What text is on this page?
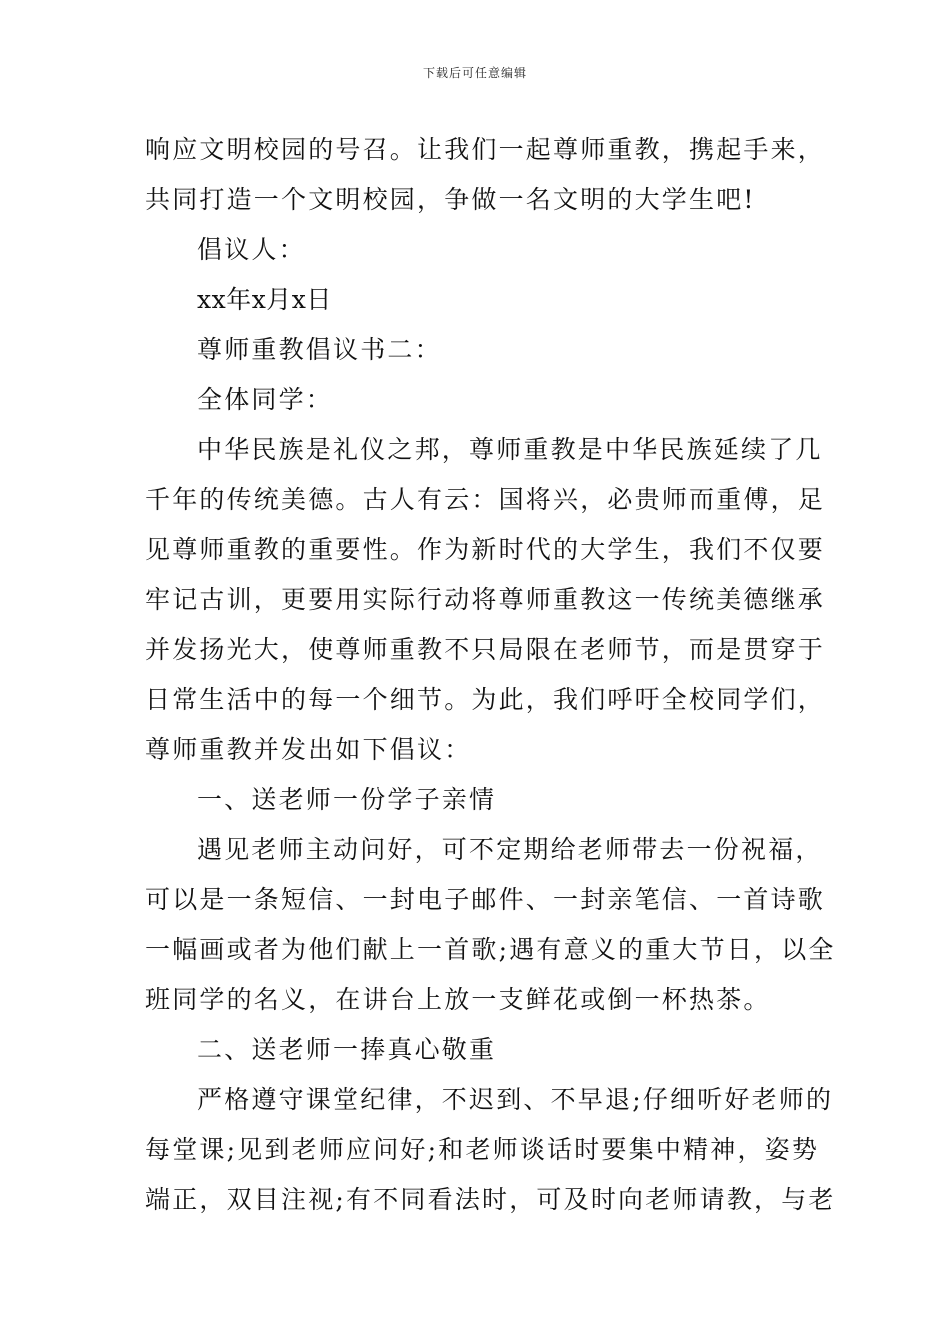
下载后可任意编辑
响应文明校园的号召。让我们一起尊师重教，携起手来，
共同打造一个文明校园，争做一名文明的大学生吧!
倡议人：
xx年x月x日
尊师重教倡议书二：
全体同学：
中华民族是礼仪之邦，尊师重教是中华民族延续了几
千年的传统美德。古人有云：国将兴，必贵师而重傅，足
见尊师重教的重要性。作为新时代的大学生，我们不仅要
牢记古训，更要用实际行动将尊师重教这一传统美德继承
并发扬光大，使尊师重教不只局限在老师节，而是贯穿于
日常生活中的每一个细节。为此，我们呼吁全校同学们，
尊师重教并发出如下倡议：
一、送老师一份学子亲情
遇见老师主动问好，可不定期给老师带去一份祝福，
可以是一条短信、一封电子邮件、一封亲笔信、一首诗歌
一幅画或者为他们献上一首歌;遇有意义的重大节日，以全
班同学的名义，在讲台上放一支鲜花或倒一杯热茶。
二、送老师一捧真心敬重
严格遵守课堂纪律，不迟到、不早退;仔细听好老师的
每堂课;见到老师应问好;和老师谈话时要集中精神，姿势
端正，双目注视;有不同看法时，可及时向老师请教，与老
